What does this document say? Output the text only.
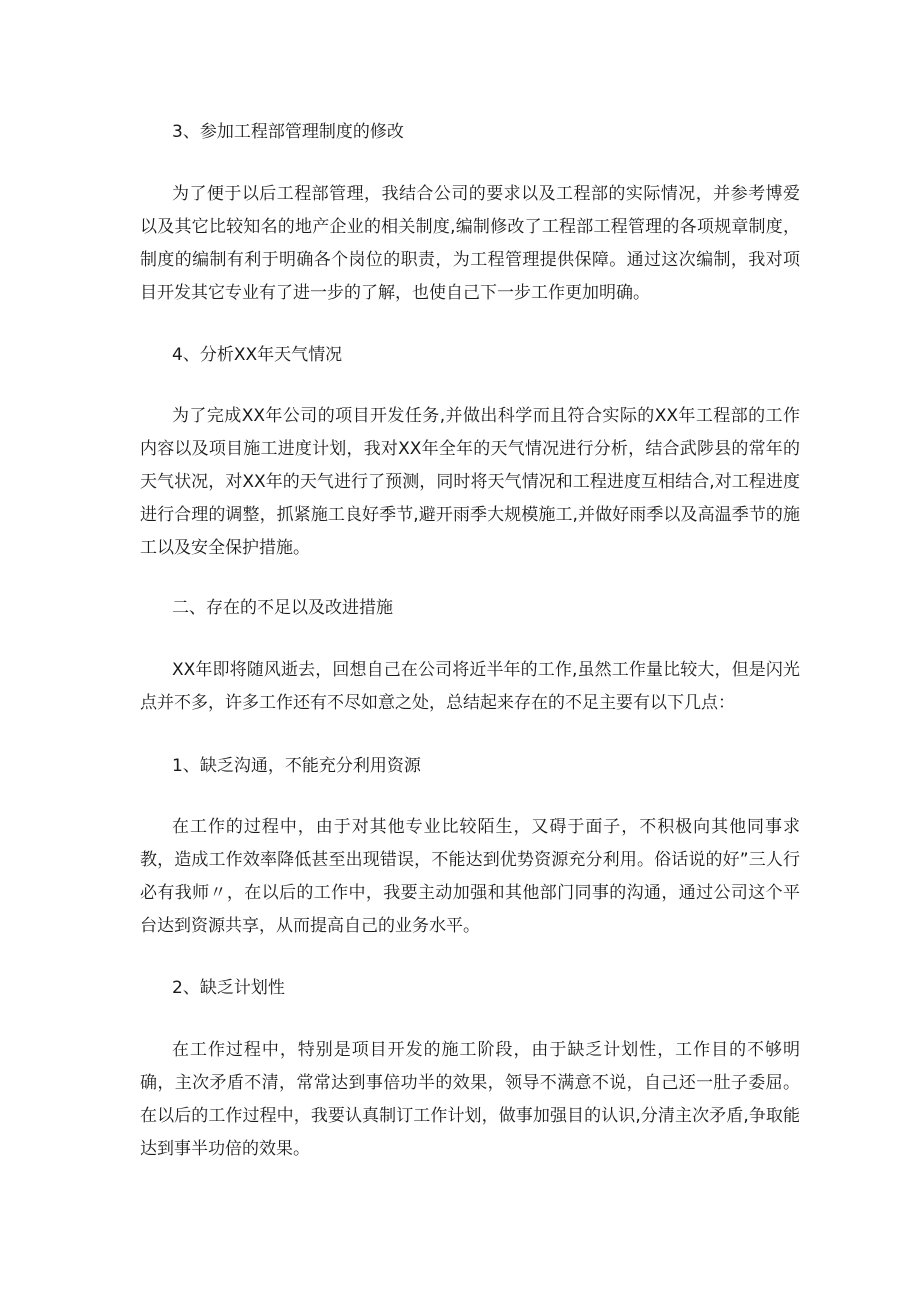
3、参加工程部管理制度的修改

为了便于以后工程部管理，我结合公司的要求以及工程部的实际情况，并参考博爱以及其它比较知名的地产企业的相关制度,编制修改了工程部工程管理的各项规章制度，制度的编制有利于明确各个岗位的职责，为工程管理提供保障。通过这次编制，我对项目开发其它专业有了进一步的了解，也使自己下一步工作更加明确。

4、分析XX年天气情况

为了完成XX年公司的项目开发任务,并做出科学而且符合实际的XX年工程部的工作内容以及项目施工进度计划，我对XX年全年的天气情况进行分析，结合武陟县的常年的天气状况，对XX年的天气进行了预测，同时将天气情况和工程进度互相结合,对工程进度进行合理的调整，抓紧施工良好季节,避开雨季大规模施工,并做好雨季以及高温季节的施工以及安全保护措施。

二、存在的不足以及改进措施

XX年即将随风逝去，回想自己在公司将近半年的工作,虽然工作量比较大，但是闪光点并不多，许多工作还有不尽如意之处，总结起来存在的不足主要有以下几点：

1、缺乏沟通，不能充分利用资源

在工作的过程中，由于对其他专业比较陌生，又碍于面子，不积极向其他同事求教，造成工作效率降低甚至出现错误，不能达到优势资源充分利用。俗话说的好”三人行必有我师〃，在以后的工作中，我要主动加强和其他部门同事的沟通，通过公司这个平台达到资源共享，从而提高自己的业务水平。

2、缺乏计划性

在工作过程中，特别是项目开发的施工阶段，由于缺乏计划性，工作目的不够明确，主次矛盾不清，常常达到事倍功半的效果，领导不满意不说，自己还一肚子委屈。在以后的工作过程中，我要认真制订工作计划，做事加强目的认识,分清主次矛盾,争取能达到事半功倍的效果。
